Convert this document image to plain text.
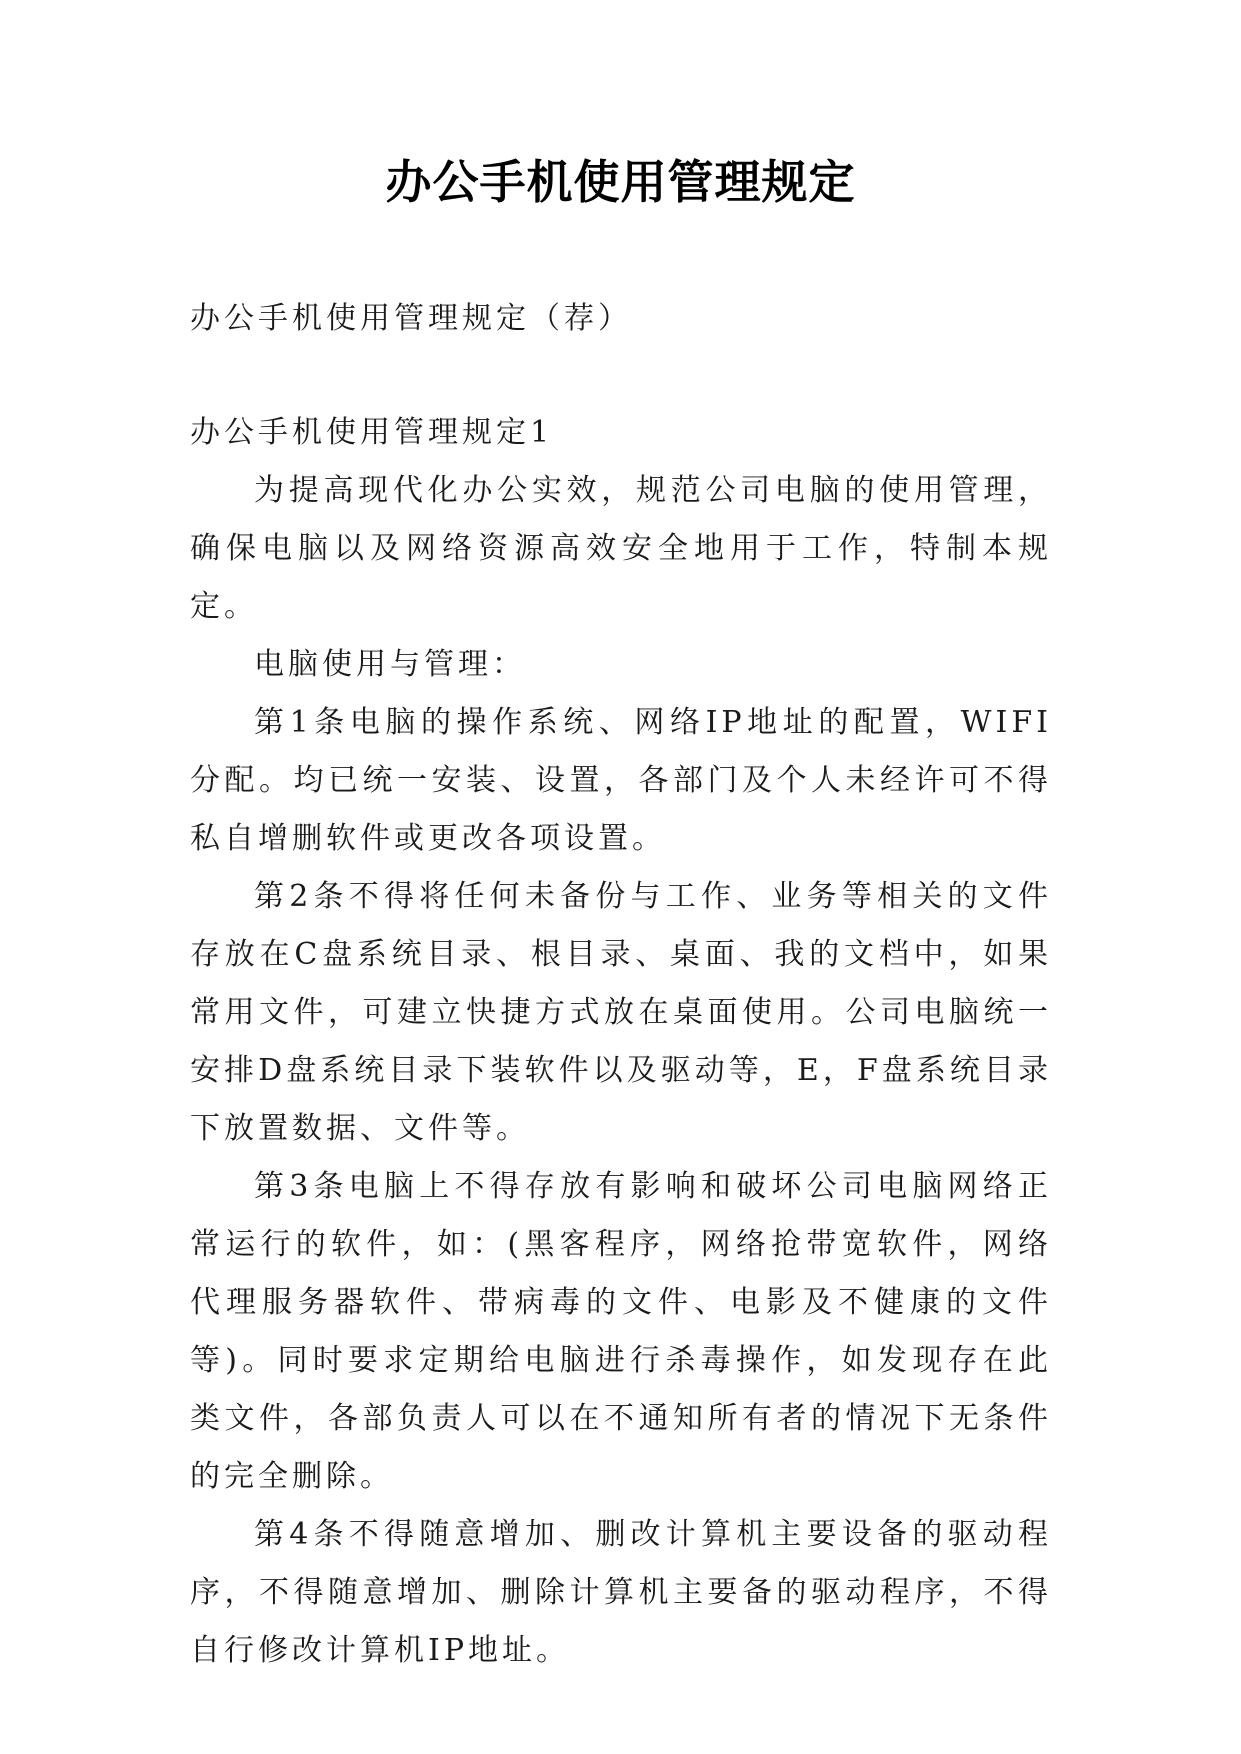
办公手机使用管理规定

办公手机使用管理规定（荐）

办公手机使用管理规定1

为提高现代化办公实效，规范公司电脑的使用管理，确保电脑以及网络资源高效安全地用于工作，特制本规定。

电脑使用与管理：

第1条电脑的操作系统、网络IP地址的配置，WIFI分配。均已统一安装、设置，各部门及个人未经许可不得私自增删软件或更改各项设置。

第2条不得将任何未备份与工作、业务等相关的文件存放在C盘系统目录、根目录、桌面、我的文档中，如果常用文件，可建立快捷方式放在桌面使用。公司电脑统一安排D盘系统目录下装软件以及驱动等，E，F盘系统目录下放置数据、文件等。

第3条电脑上不得存放有影响和破坏公司电脑网络正常运行的软件，如：(黑客程序，网络抢带宽软件，网络代理服务器软件、带病毒的文件、电影及不健康的文件等)。同时要求定期给电脑进行杀毒操作，如发现存在此类文件，各部负责人可以在不通知所有者的情况下无条件的完全删除。

第4条不得随意增加、删改计算机主要设备的驱动程序，不得随意增加、删除计算机主要备的驱动程序，不得自行修改计算机IP地址。
